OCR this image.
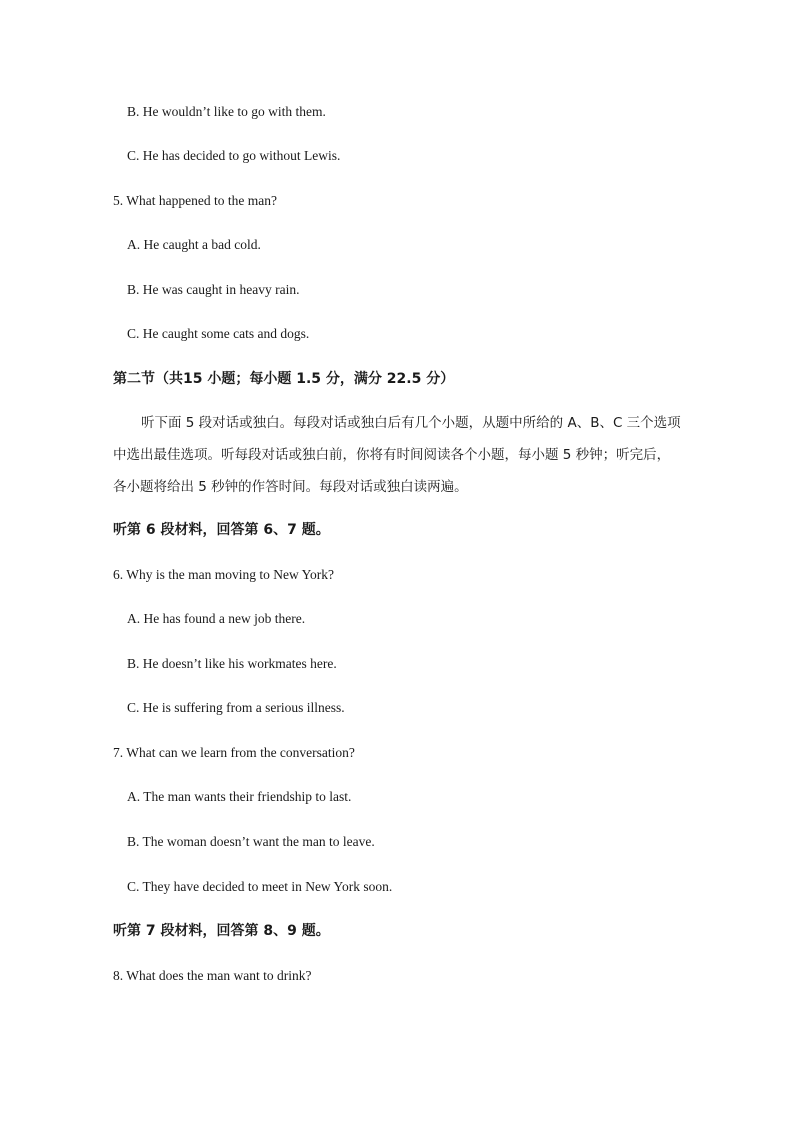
B. He wouldn’t like to go with them.
C. He has decided to go without Lewis.
5. What happened to the man?
A. He caught a bad cold.
B. He was caught in heavy rain.
C. He caught some cats and dogs.
第二节（共15 小题；每小题 1.5 分，满分 22.5 分）
听下面 5 段对话或独白。每段对话或独白后有几个小题，从题中所给的 A、B、C 三个选项中选出最佳选项。听每段对话或独白前，你将有时间阅读各个小题，每小题 5 秒钟；听完后，各小题将给出 5 秒钟的作答时间。每段对话或独白读两遍。
听第 6 段材料，回答第 6、7 题。
6. Why is the man moving to New York?
A. He has found a new job there.
B. He doesn’t like his workmates here.
C. He is suffering from a serious illness.
7. What can we learn from the conversation?
A. The man wants their friendship to last.
B. The woman doesn’t want the man to leave.
C. They have decided to meet in New York soon.
听第 7 段材料，回答第 8、9 题。
8. What does the man want to drink?
